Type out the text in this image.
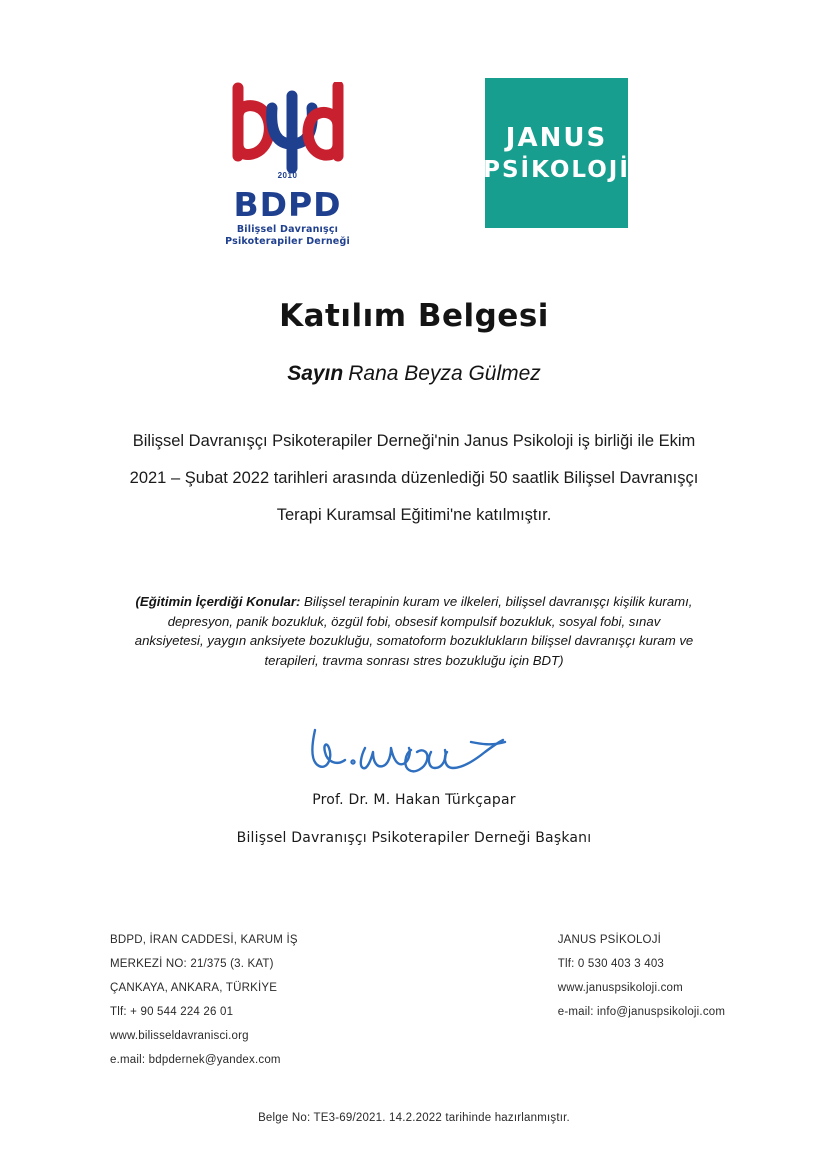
2010
BDPD
Bilişsel Davranışçı
Psikoterapiler Derneği
JANUS
PSİKOLOJİ
Katılım Belgesi
Sayın Rana Beyza Gülmez
Bilişsel Davranışçı Psikoterapiler Derneği'nin Janus Psikoloji iş birliği ile Ekim 2021 – Şubat 2022 tarihleri arasında düzenlediği 50 saatlik Bilişsel Davranışçı Terapi Kuramsal Eğitimi'ne katılmıştır.
(Eğitimin İçerdiği Konular: Bilişsel terapinin kuram ve ilkeleri, bilişsel davranışçı kişilik kuramı, depresyon, panik bozukluk, özgül fobi, obsesif kompulsif bozukluk, sosyal fobi, sınav anksiyetesi, yaygın anksiyete bozukluğu, somatoform bozuklukların bilişsel davranışçı kuram ve terapileri, travma sonrası stres bozukluğu için BDT)
Prof. Dr. M. Hakan Türkçapar
Bilişsel Davranışçı Psikoterapiler Derneği Başkanı
BDPD, İRAN CADDESİ, KARUM İŞ
MERKEZİ NO: 21/375 (3. KAT)
ÇANKAYA, ANKARA, TÜRKİYE
Tlf: + 90 544 224 26 01
www.bilisseldavranisci.org
e.mail: bdpdernek@yandex.com
JANUS PSİKOLOJİ
Tlf: 0 530 403 3 403
www.januspsikoloji.com
e-mail: info@januspsikoloji.com
Belge No: TE3-69/2021. 14.2.2022 tarihinde hazırlanmıştır.
